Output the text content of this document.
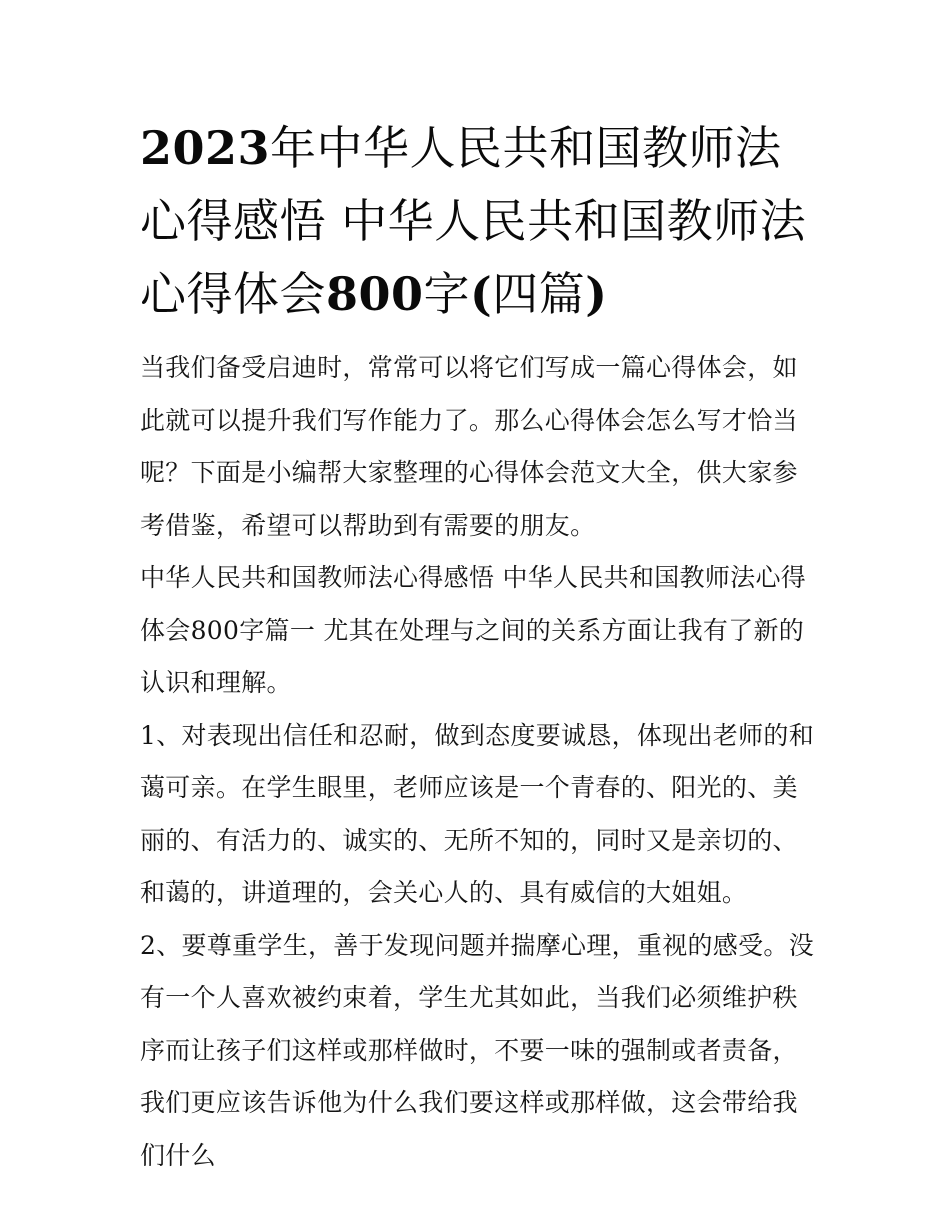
2023年中华人民共和国教师法心得感悟 中华人民共和国教师法心得体会800字(四篇)

当我们备受启迪时，常常可以将它们写成一篇心得体会，如此就可以提升我们写作能力了。那么心得体会怎么写才恰当呢？下面是小编帮大家整理的心得体会范文大全，供大家参考借鉴，希望可以帮助到有需要的朋友。

中华人民共和国教师法心得感悟 中华人民共和国教师法心得体会800字篇一 尤其在处理与之间的关系方面让我有了新的认识和理解。

1、对表现出信任和忍耐，做到态度要诚恳，体现出老师的和蔼可亲。在学生眼里，老师应该是一个青春的、阳光的、美丽的、有活力的、诚实的、无所不知的，同时又是亲切的、和蔼的，讲道理的，会关心人的、具有威信的大姐姐。

2、要尊重学生，善于发现问题并揣摩心理，重视的感受。没有一个人喜欢被约束着，学生尤其如此，当我们必须维护秩序而让孩子们这样或那样做时，不要一味的强制或者责备，我们更应该告诉他为什么我们要这样或那样做，这会带给我们什么
